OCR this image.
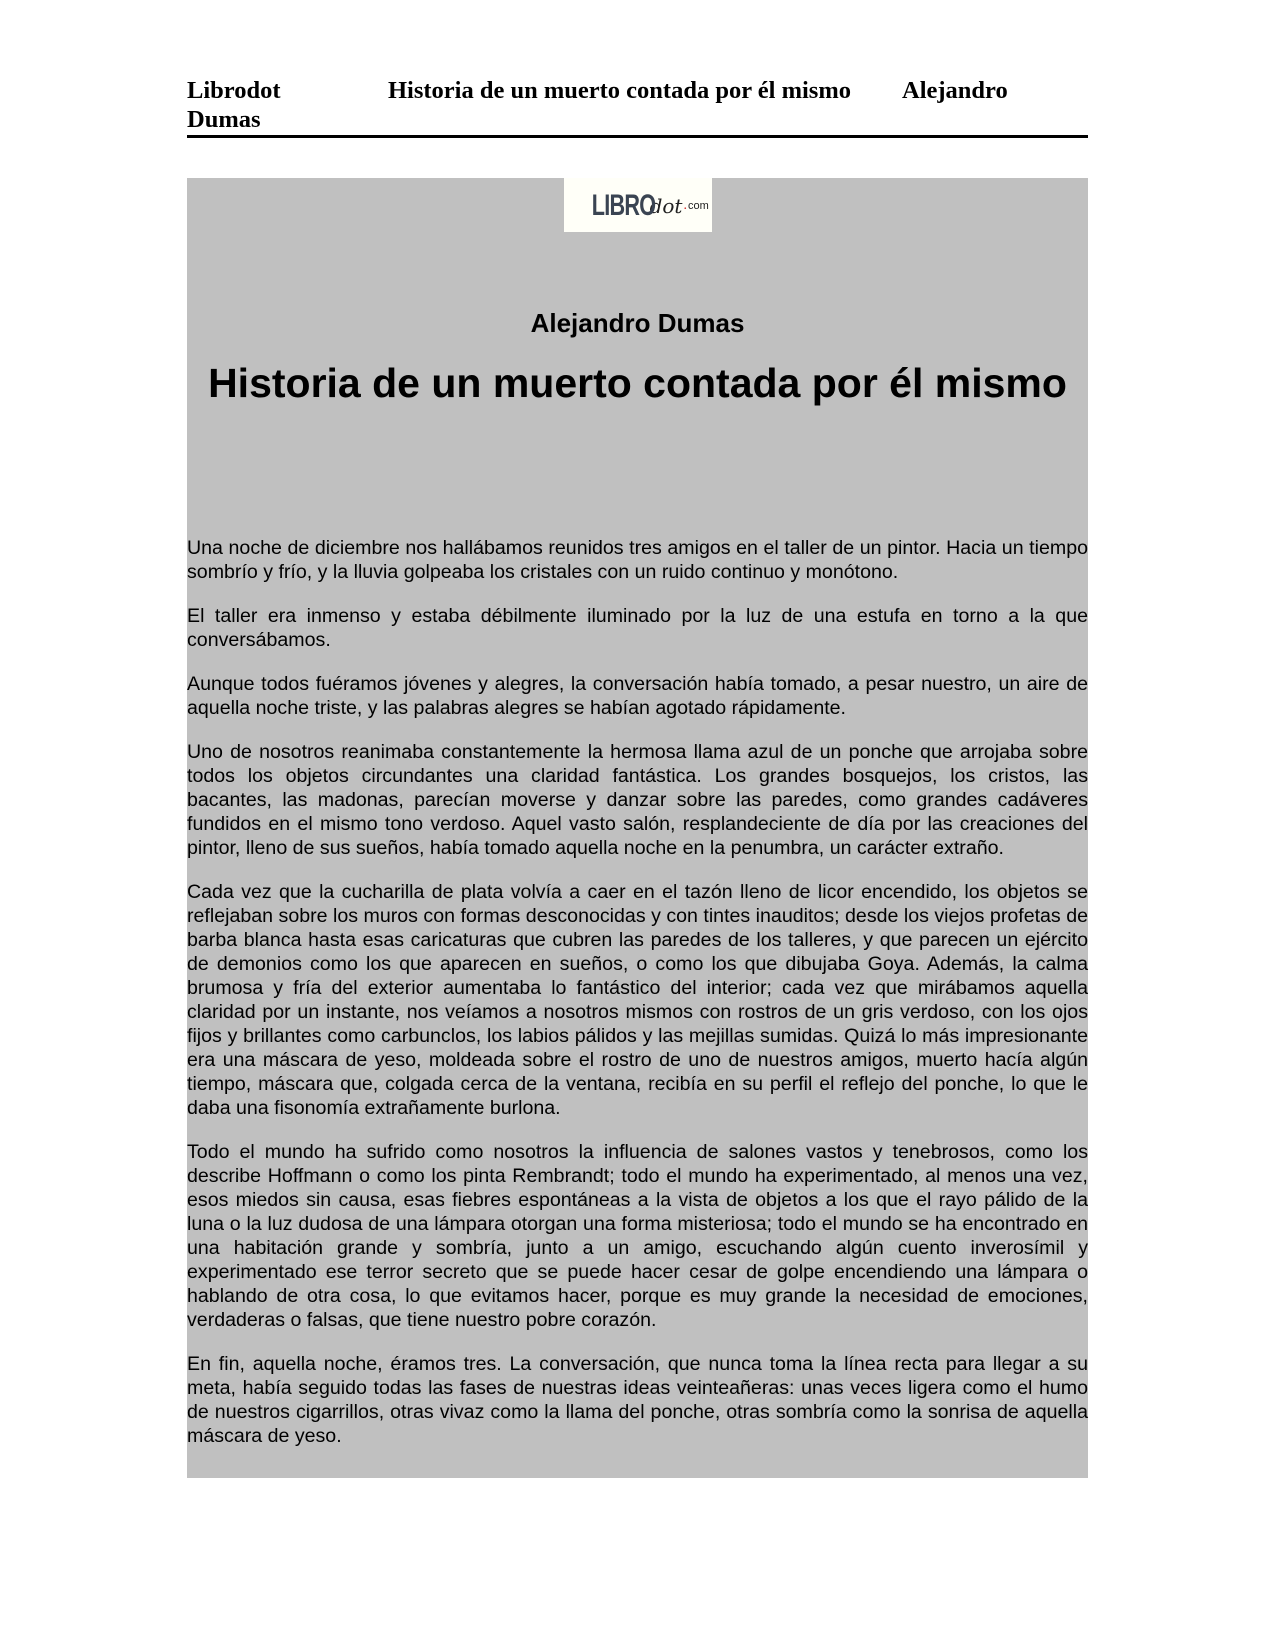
Librodot	Historia de un muerto contada por él mismo Alejandro
Dumas
LIBRO
dot . com
Alejandro Dumas
Historia de un muerto contada por él mismo

Una noche de diciembre nos hallábamos reunidos tres amigos en el taller de un pintor. Hacia un tiempo sombrío y frío, y la lluvia golpeaba los cristales con un ruido continuo y monótono.

El taller era inmenso y estaba débilmente iluminado por la luz de una estufa en torno a la que conversábamos.

Aunque todos fuéramos jóvenes y alegres, la conversación había tomado, a pesar nuestro, un aire de aquella noche triste, y las palabras alegres se habían agotado rápidamente.

Uno de nosotros reanimaba constantemente la hermosa llama azul de un ponche que arrojaba sobre todos los objetos circundantes una claridad fantástica. Los grandes bosquejos, los cristos, las bacantes, las madonas, parecían moverse y danzar sobre las paredes, como grandes cadáveres fundidos en el mismo tono verdoso. Aquel vasto salón, resplandeciente de día por las creaciones del pintor, lleno de sus sueños, había tomado aquella noche en la penumbra, un carácter extraño.

Cada vez que la cucharilla de plata volvía a caer en el tazón lleno de licor encendido, los objetos se reflejaban sobre los muros con formas desconocidas y con tintes inauditos; desde los viejos profetas de barba blanca hasta esas caricaturas que cubren las paredes de los talleres, y que parecen un ejército de demonios como los que aparecen en sueños, o como los que dibujaba Goya. Además, la calma brumosa y fría del exterior aumentaba lo fantástico del interior; cada vez que mirábamos aquella claridad por un instante, nos veíamos a nosotros mismos con rostros de un gris verdoso, con los ojos fijos y brillantes como carbunclos, los labios pálidos y las mejillas sumidas. Quizá lo más impresionante era una máscara de yeso, moldeada sobre el rostro de uno de nuestros amigos, muerto hacía algún tiempo, máscara que, colgada cerca de la ventana, recibía en su perfil el reflejo del ponche, lo que le daba una fisonomía extrañamente burlona.

Todo el mundo ha sufrido como nosotros la influencia de salones vastos y tenebrosos, como los describe Hoffmann o como los pinta Rembrandt; todo el mundo ha experimentado, al menos una vez, esos miedos sin causa, esas fiebres espontáneas a la vista de objetos a los que el rayo pálido de la luna o la luz dudosa de una lámpara otorgan una forma misteriosa; todo el mundo se ha encontrado en una habitación grande y sombría, junto a un amigo, escuchando algún cuento inverosímil y experimentado ese terror secreto que se puede hacer cesar de golpe encendiendo una lámpara o hablando de otra cosa, lo que evitamos hacer, porque es muy grande la necesidad de emociones, verdaderas o falsas, que tiene nuestro pobre corazón.

En fin, aquella noche, éramos tres. La conversación, que nunca toma la línea recta para llegar a su meta, había seguido todas las fases de nuestras ideas veinteañeras: unas veces ligera como el humo de nuestros cigarrillos, otras vivaz como la llama del ponche, otras sombría como la sonrisa de aquella máscara de yeso.
